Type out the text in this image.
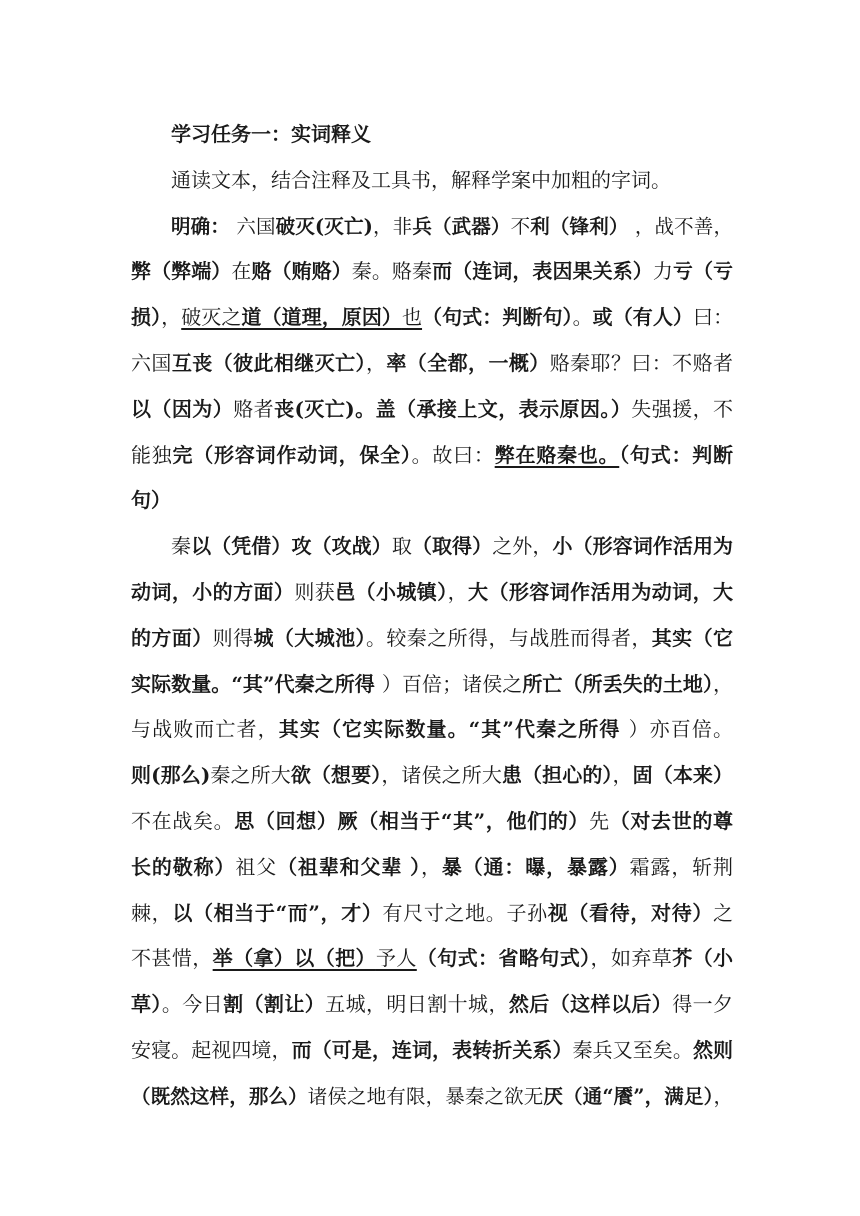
学习任务一：实词释义
通读文本，结合注释及工具书，解释学案中加粗的字词。
明确： 六国破灭(灭亡)，非兵（武器）不利（锋利） ，战不善，
弊（弊端）在赂（贿赂）秦。赂秦而（连词，表因果关系）力亏（亏
损），破灭之道（道理，原因）也（句式：判断句）。或（有人）曰：
六国互丧（彼此相继灭亡），率（全都，一概）赂秦耶？曰：不赂者
以（因为）赂者丧(灭亡)。盖（承接上文，表示原因。）失强援，不
能独完（形容词作动词，保全）。故曰：弊在赂秦也。（句式：判断
句）
秦以（凭借）攻（攻战）取（取得）之外，小（形容词作活用为
动词，小的方面）则获邑（小城镇），大（形容词作活用为动词，大
的方面）则得城（大城池）。较秦之所得，与战胜而得者，其实（它
实际数量。“其”代秦之所得 ）百倍；诸侯之所亡（所丢失的土地），
与战败而亡者，其实（它实际数量。“其”代秦之所得 ）亦百倍。
则(那么)秦之所大欲（想要），诸侯之所大患（担心的），固（本来）
不在战矣。思（回想）厥（相当于“其”，他们的）先（对去世的尊
长的敬称）祖父（祖辈和父辈 ），暴（通：曝，暴露）霜露，斩荆
棘，以（相当于“而”，才）有尺寸之地。子孙视（看待，对待）之
不甚惜，举（拿）以（把）予人（句式：省略句式），如弃草芥（小
草）。今日割（割让）五城，明日割十城，然后（这样以后）得一夕
安寝。起视四境，而（可是，连词，表转折关系）秦兵又至矣。然则
（既然这样，那么）诸侯之地有限，暴秦之欲无厌（通“餍”，满足），
